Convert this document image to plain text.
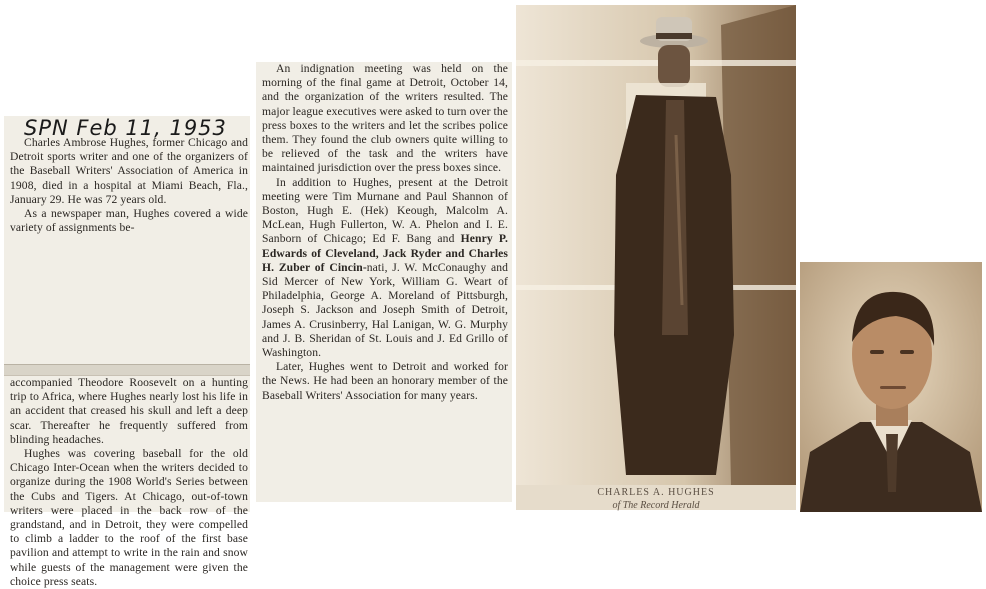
SPN Feb 11, 1953

Charles Ambrose Hughes, former Chicago and Detroit sports writer and one of the organizers of the Baseball Writers' Association of America in 1908, died in a hospital at Miami Beach, Fla., January 29. He was 72 years old.

As a newspaper man, Hughes covered a wide variety of assignments be-

accompanied Theodore Roosevelt on a hunting trip to Africa, where Hughes nearly lost his life in an accident that creased his skull and left a deep scar. Thereafter he frequently suffered from blinding headaches.

Hughes was covering baseball for the old Chicago Inter-Ocean when the writers decided to organize during the 1908 World's Series between the Cubs and Tigers. At Chicago, out-of-town writers were placed in the back row of the grandstand, and in Detroit, they were compelled to climb a ladder to the roof of the first base pavilion and attempt to write in the rain and snow while guests of the management were given the choice press seats.

An indignation meeting was held on the morning of the final game at Detroit, October 14, and the organization of the writers resulted. The major league executives were asked to turn over the press boxes to the writers and let the scribes police them. They found the club owners quite willing to be relieved of the task and the writers have maintained jurisdiction over the press boxes since.

In addition to Hughes, present at the Detroit meeting were Tim Murnane and Paul Shannon of Boston, Hugh E. (Hek) Keough, Malcolm A. McLean, Hugh Fullerton, W. A. Phelon and I. E. Sanborn of Chicago; Ed F. Bang and Henry P. Edwards of Cleveland, Jack Ryder and Charles H. Zuber of Cincin-nati, J. W. McConaughy and Sid Mercer of New York, William G. Weart of Philadelphia, George A. Moreland of Pittsburgh, Joseph S. Jackson and Joseph Smith of Detroit, James A. Crusinberry, Hal Lanigan, W. G. Murphy and J. B. Sheridan of St. Louis and J. Ed Grillo of Washington.

Later, Hughes went to Detroit and worked for the News. He had been an honorary member of the Baseball Writers' Association for many years.

CHARLES A. HUGHES
of The Record Herald
